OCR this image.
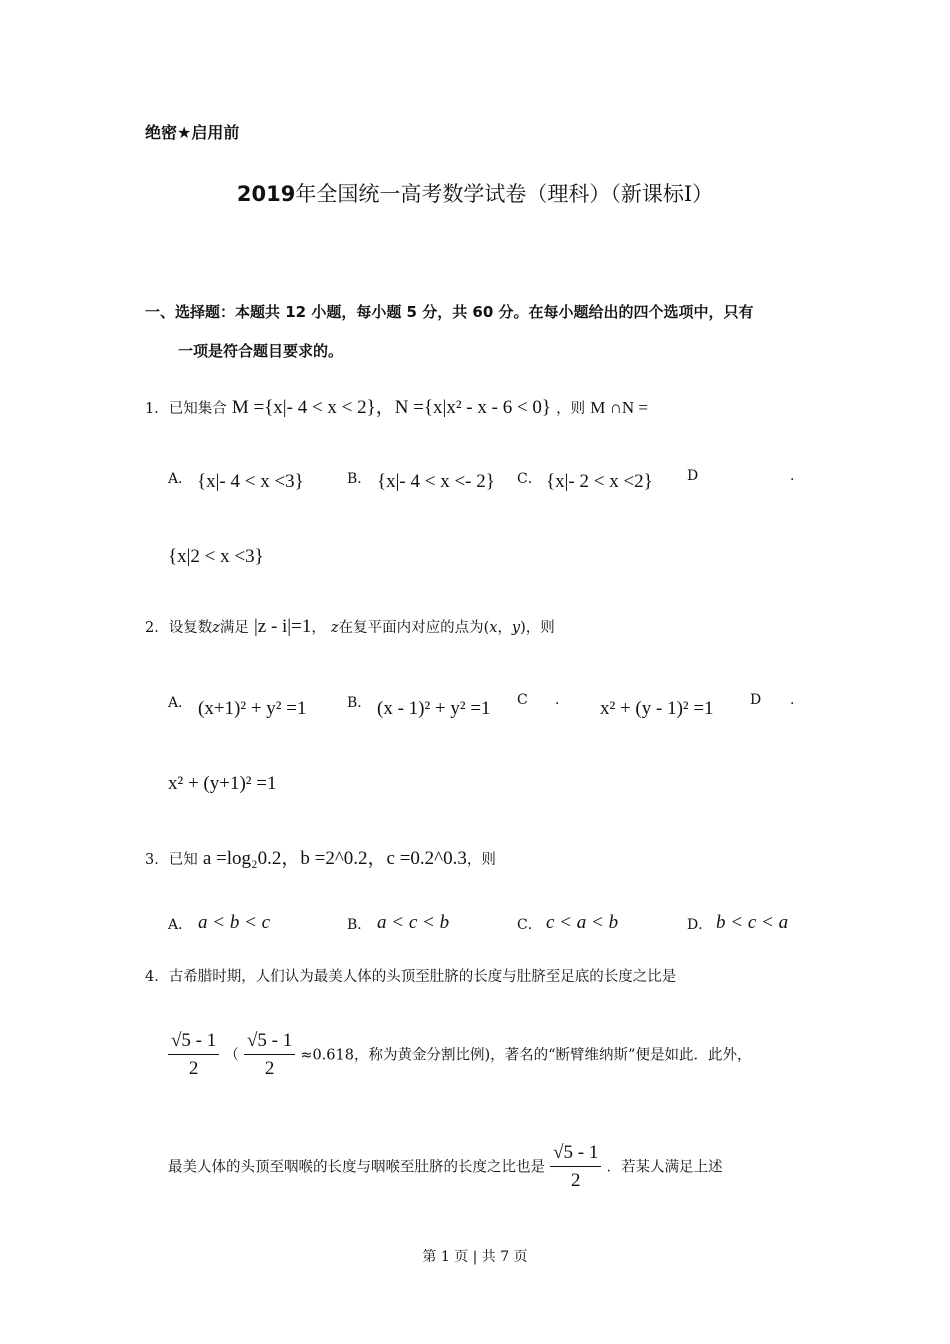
绝密★启用前
2019年全国统一高考数学试卷（理科）（新课标Ⅰ）
一、选择题：本题共 12 小题，每小题 5 分，共 60 分。在每小题给出的四个选项中，只有
一项是符合题目要求的。
1．已知集合 M ={x|- 4 < x < 2}，N ={x|x² - x - 6 < 0} ，则 M ∩N =
A． {x|- 4 < x <3}	B． {x|- 4 < x <- 2} C． {x|- 2 < x <2} D	.
{x|2 < x <3}
2．设复数z满足 |z - i|=1， z在复平面内对应的点为(x，y)，则
A． (x+1)² + y² =1	B． (x - 1)² + y² =1 C . x² + (y - 1)² =1	D .
x² + (y+1)² =1
3．已知 a =log₂0.2，b =2^0.2，c =0.2^0.3，则
A． a < b < c	B． a < c < b	C． c < a < b	D． b < c < a
4．古希腊时期，人们认为最美人体的头顶至肚脐的长度与肚脐至足底的长度之比是
$\frac{√5 - 1}{2}$ （ $\frac{√5 - 1}{2} \approx 0.618$，称为黄金分割比例)，著名的“断臂维纳斯”便是如此．此外，
最美人体的头顶至咽喉的长度与咽喉至肚脐的长度之比也是 $\frac{√5 - 1}{2}$ ．若某人满足上述
第 1 页 | 共 7 页
